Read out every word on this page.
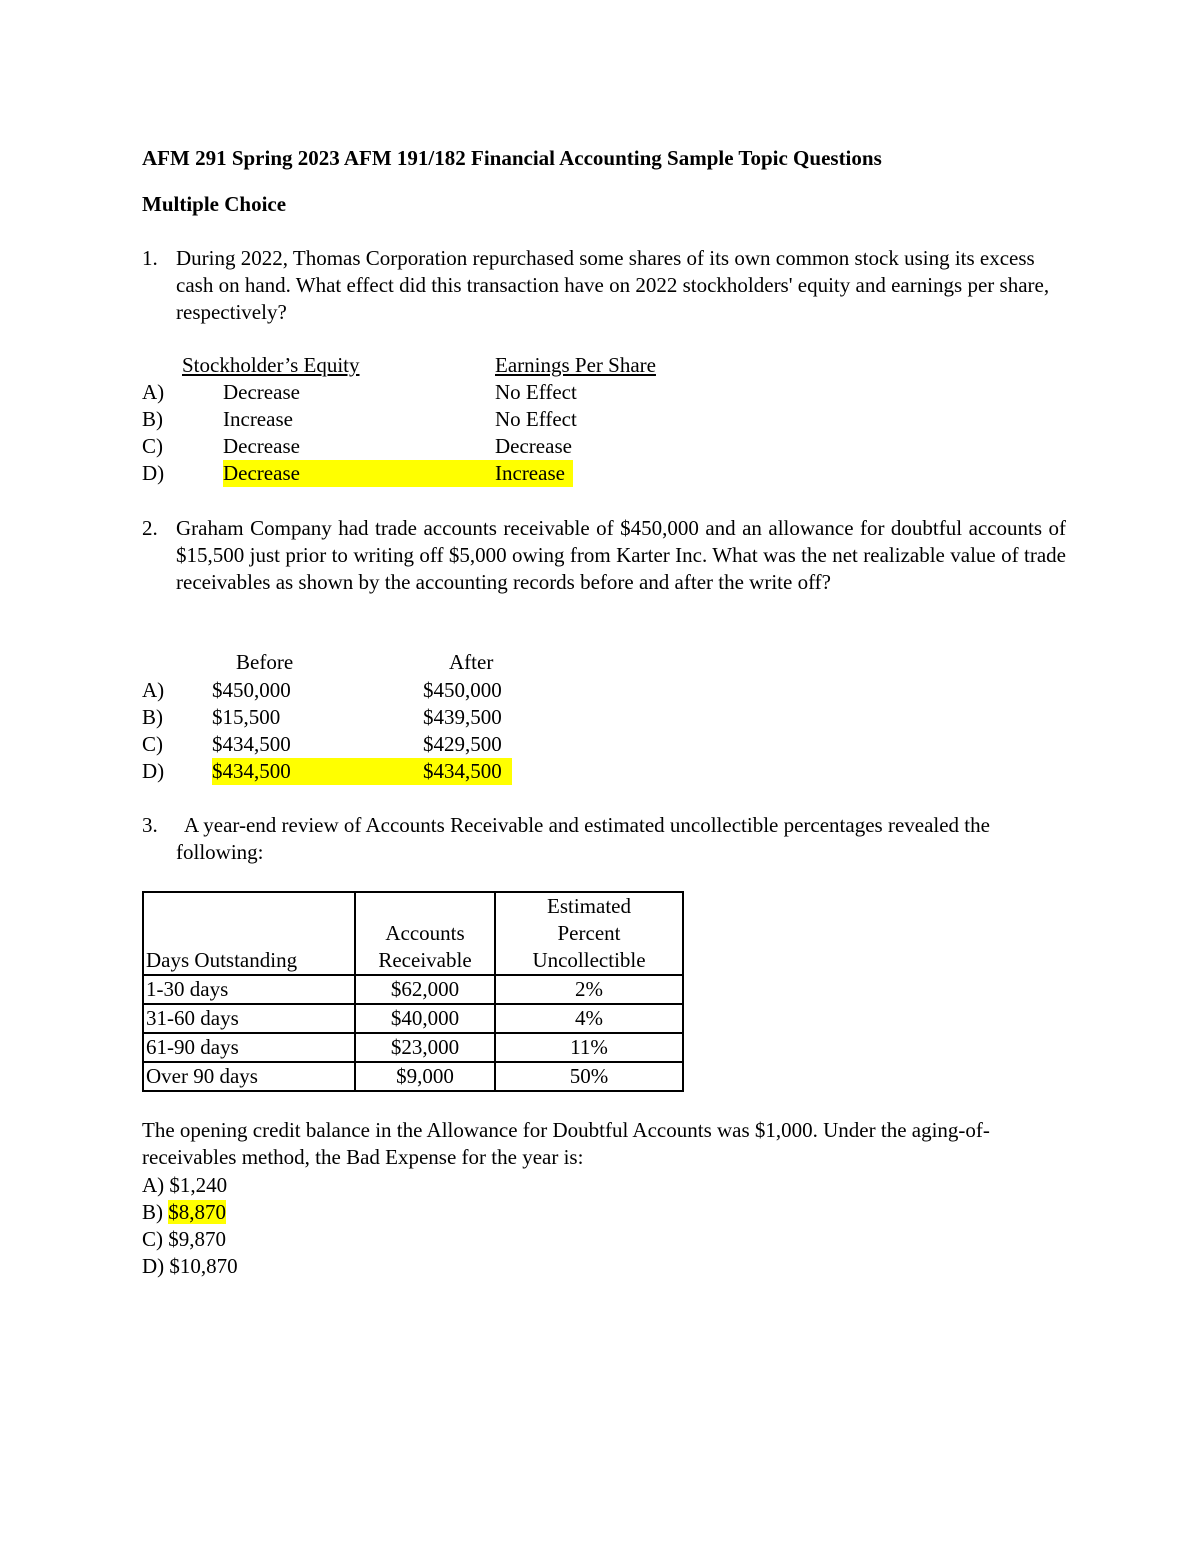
AFM 291 Spring 2023 AFM 191/182 Financial Accounting Sample Topic Questions
Multiple Choice
1. During 2022, Thomas Corporation repurchased some shares of its own common stock using its excess cash on hand. What effect did this transaction have on 2022 stockholders' equity and earnings per share, respectively?
Stockholder’s Equity	Earnings Per Share
A)	Decrease	No Effect
B)	Increase	No Effect
C)	Decrease	Decrease
D)	Decrease	Increase
2. Graham Company had trade accounts receivable of $450,000 and an allowance for doubtful accounts of $15,500 just prior to writing off $5,000 owing from Karter Inc. What was the net realizable value of trade receivables as shown by the accounting records before and after the write off?
Before	After
A) $450,000	$450,000
B) $15,500	$439,500
C) $434,500	$429,500
D) $434,500	$434,500
3.	A year-end review of Accounts Receivable and estimated uncollectible percentages revealed the following:
Days Outstanding	Accounts Receivable	Estimated Percent Uncollectible

1-30 days	$62,000	2%
31-60 days	$40,000	4%
61-90 days	$23,000	11%
Over 90 days	$9,000	50%
The opening credit balance in the Allowance for Doubtful Accounts was $1,000. Under the aging-of-receivables method, the Bad Expense for the year is:
A) $1,240
B) $8,870
C) $9,870
D) $10,870
